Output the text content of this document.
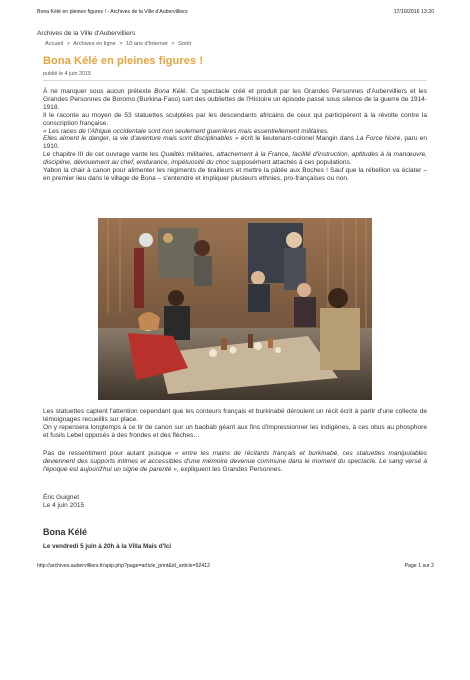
Bona Kélé en pleines figures ! - Archives de la Ville d'Aubervilliers	17/10/2016 13:20
Archives de la Ville d'Aubervilliers
Accueil > Archives en ligne > 10 ans d'Internet > Sortir
Bona Kélé en pleines figures !
publié le 4 juin 2015

À ne manquer sous aucun prétexte Bona Kélé. Ce spectacle créé et produit par les Grandes Personnes d'Aubervilliers et les Grandes Personnes de Boromo (Burkina-Faso) sort des oubliettes de l'Histoire un épisode passé sous silence de la guerre de 1914-1918.

Il le raconte au moyen de 53 statuettes sculptées par les descendants africains de ceux qui participèrent à la révolte contre la conscription française.

« Les races de l'Afrique occidentale sont non seulement guerrières mais essentiellement militaires.

Elles aiment le danger, la vie d'aventure mais sont disciplinables » écrit le lieutenant-colonel Mangin dans La Force Noire, paru en 1910.

Le chapitre III de cet ouvrage vante les Qualités militaires, attachement à la France, facilité d'instruction, aptitudes à la manœuvre, discipline, dévouement au chef, endurance, impétuosité du choc supposément attachés à ces populations.

Yabon la chair à canon pour alimenter les régiments de tirailleurs et mettre la pâtée aux Boches ! Sauf que la rébellion va éclater – en premier lieu dans le village de Bona – s'entendre et impliquer plusieurs ethnies, pro-françaises ou non.

Les statuettes captent l'attention cependant que les conteurs français et burkinabé déroulent un récit écrit à partir d'une collecte de témoignages recueillis sur place.

On y repensera longtemps à ce tir de canon sur un baobab géant aux fins d'impressionner les indigènes, à ces obus au phosphore et fusils Lebel opposés à des frondes et des flèches…

Pas de ressentiment pour autant puisque « entre les mains de récitants français et burkinabé, ces statuettes manipulables deviennent des supports intimes et accessibles d'une mémoire devenue commune dans le moment du spectacle. Le sang versé à l'époque est aujourd'hui un signe de parenté », expliquent les Grandes Personnes.

Éric Guignet
Le 4 juin 2015
Bona Kélé
Le vendredi 5 juin à 20h à la Villa Mais d'Ici
http://archives.aubervilliers.fr/spip.php?page=article_print&id_article=92412	Page 1 sur 2
